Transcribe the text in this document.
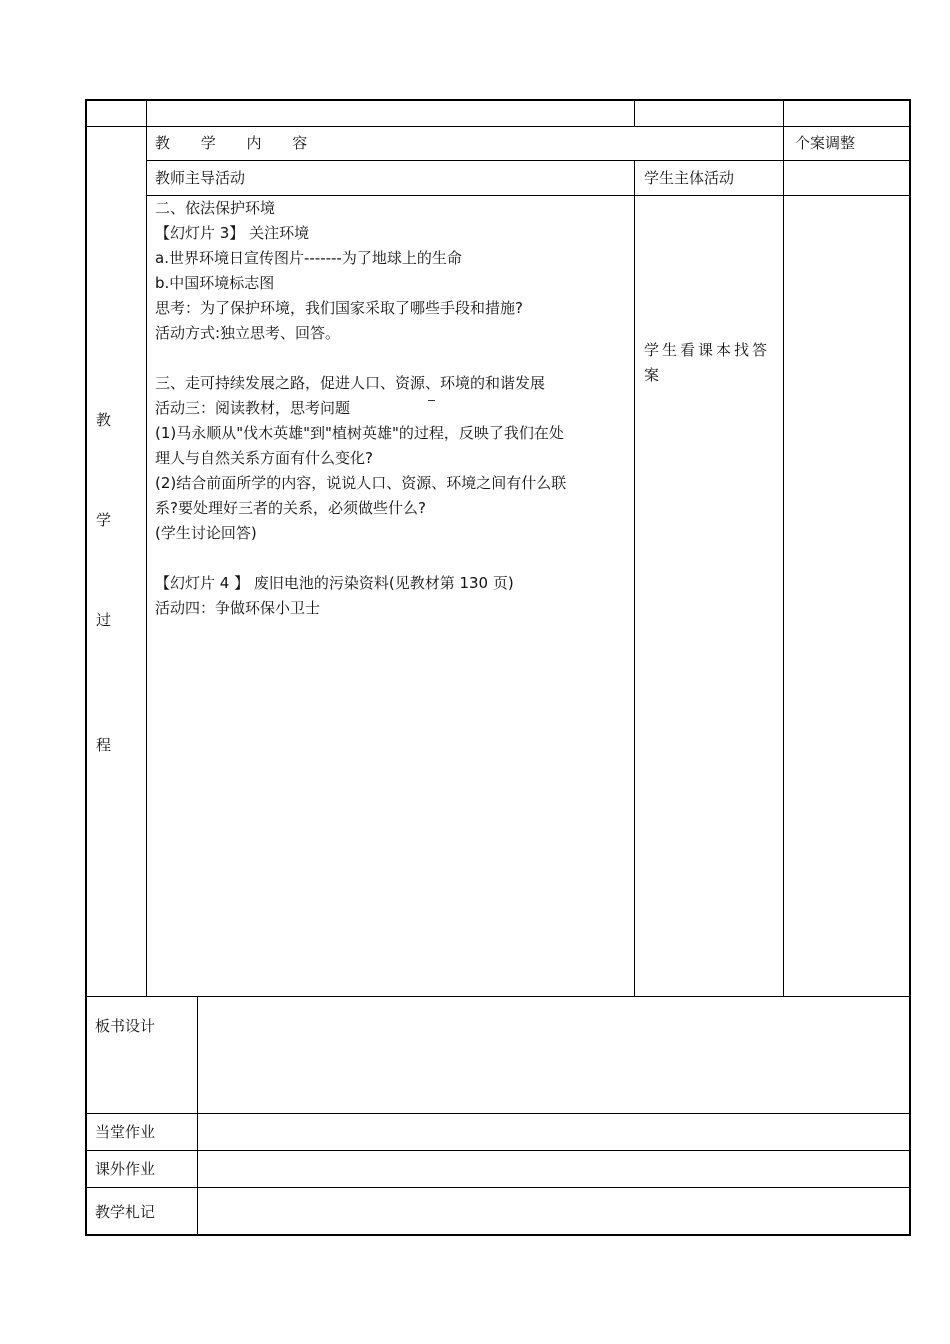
教 学 内 容	个案调整
教师主导活动	学生主体活动
教
学
过
程
二、依法保护环境
【幻灯片 3】 关注环境
a.世界环境日宣传图片-------为了地球上的生命
b.中国环境标志图
思考：为了保护环境，我们国家采取了哪些手段和措施?
活动方式:独立思考、回答。
三、走可持续发展之路，促进人口、资源、环境的和谐发展
活动三：阅读教材，思考问题
(1)马永顺从"伐木英雄"到"植树英雄"的过程，反映了我们在处
理人与自然关系方面有什么变化?
(2)结合前面所学的内容，说说人口、资源、环境之间有什么联
系?要处理好三者的关系，必须做些什么?
(学生讨论回答)
【幻灯片 4 】 废旧电池的污染资料(见教材第 130 页)
活动四：争做环保小卫士
学生看课本找答
案
板书设计
当堂作业
课外作业
教学札记
